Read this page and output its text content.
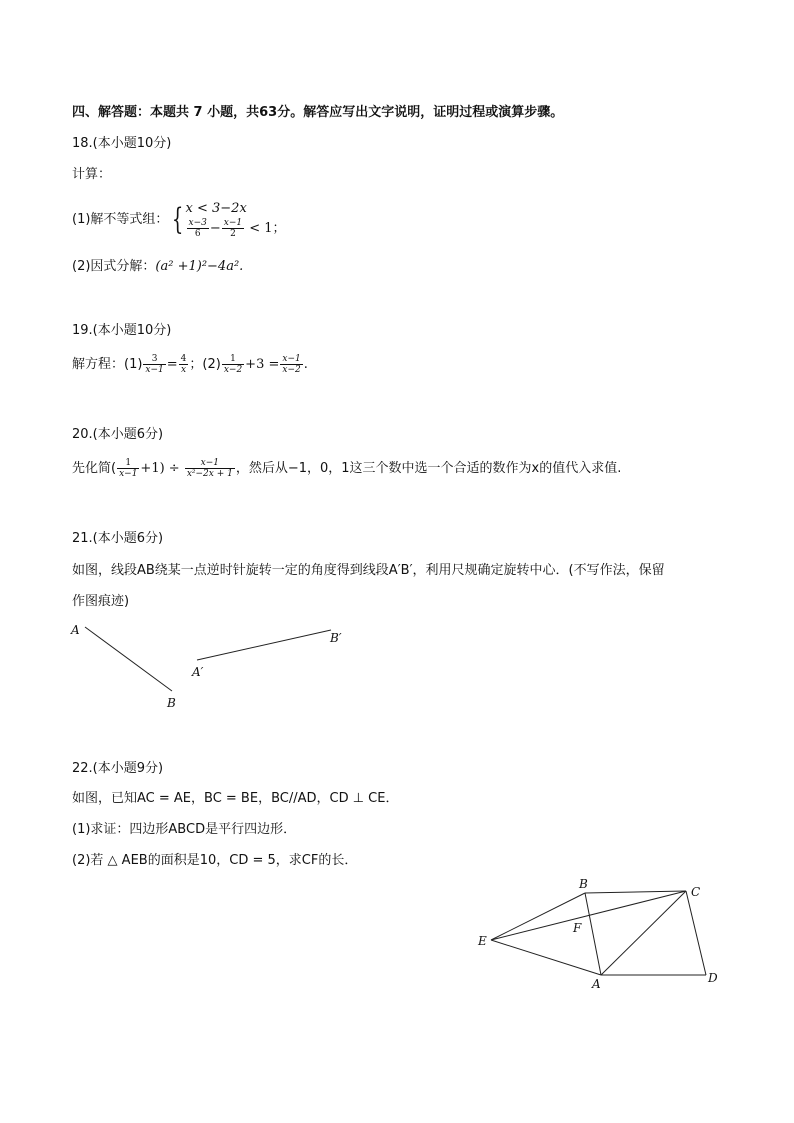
四、解答题：本题共 7 小题，共63分。解答应写出文字说明，证明过程或演算步骤。
18.(本小题10分)
计算：
(1)解不等式组： { x < 3−2x
$\frac{x-3}{6} - \frac{x-1}{2} < 1$；
(2)因式分解：(a² +1)²−4a².
19.(本小题10分)
解方程：$(1) \frac{3}{x-1} = \frac{4}{x}$ ；$(2) \frac{1}{x-2} +3 = \frac{x-1}{x-2}$ .
20.(本小题6分)
先化简( $\frac{1}{x-1} +1) \div \frac{x-1}{\text{x²−2x + 1}}$ ，然后从−1，0，1这三个数中选一个合适的数作为x的值代入求值.
21.(本小题6分)
如图，线段AB绕某一点逆时针旋转一定的角度得到线段A′B′，利用尺规确定旋转中心．(不写作法，保留
作图痕迹)
A
B
A′
B′
22.(本小题9分)
如图，已知AC = AE，BC = BE，BC//AD，CD ⊥ CE．
(1)求证：四边形ABCD是平行四边形．
(2)若 △ AEB的面积是10，CD = 5，求CF的长．
B
C
E
F
A	D
